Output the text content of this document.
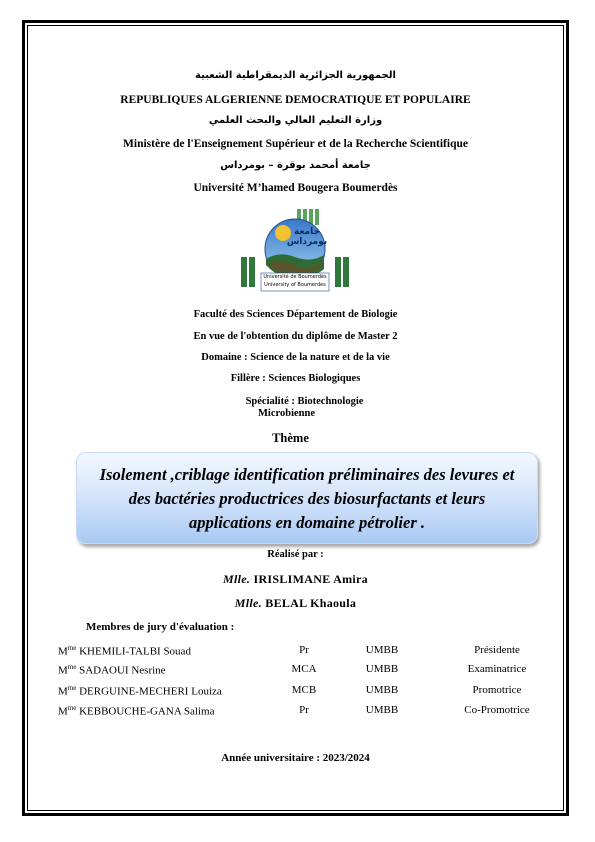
الجمهورية الجزائرية الديمقراطية الشعبية
REPUBLIQUES ALGERIENNE DEMOCRATIQUE ET POPULAIRE
وزارة التعليم العالي والبحث العلمي
Ministère de l'Enseignement Supérieur et de la Recherche Scientifique
جامعة أمحمد بوقرة – بومرداس
Université M’hamed Bougera Boumerdès
جامعة بومرداس
Université de Boumerdès
University of Boumerdes
Faculté des Sciences Département de Biologie
En vue de l'obtention du diplôme de Master 2
Domaine : Science de la nature et de la vie
Fillère : Sciences Biologiques
Spécialité : Biotechnologie
Microbienne
Thème
Isolement ,criblage identification préliminaires des levures et
des bactéries productrices des biosurfactants et leurs
applications en domaine pétrolier .
Réalisé par :
Mlle. IRISLIMANE Amira
Mlle. BELAL Khaoula
Membres de jury d'évaluation :
$M^{me}$ KHEMILI-TALBI Souad	Pr	UMBB	Présidente
$M^{me}$ SADAOUI Nesrine	MCA	UMBB	Examinatrice
$M^{me}$ DERGUINE-MECHERI Louiza	MCB	UMBB	Promotrice
$M^{me}$ KEBBOUCHE-GANA Salima	Pr	UMBB	Co-Promotrice
Année universitaire : 2023/2024
